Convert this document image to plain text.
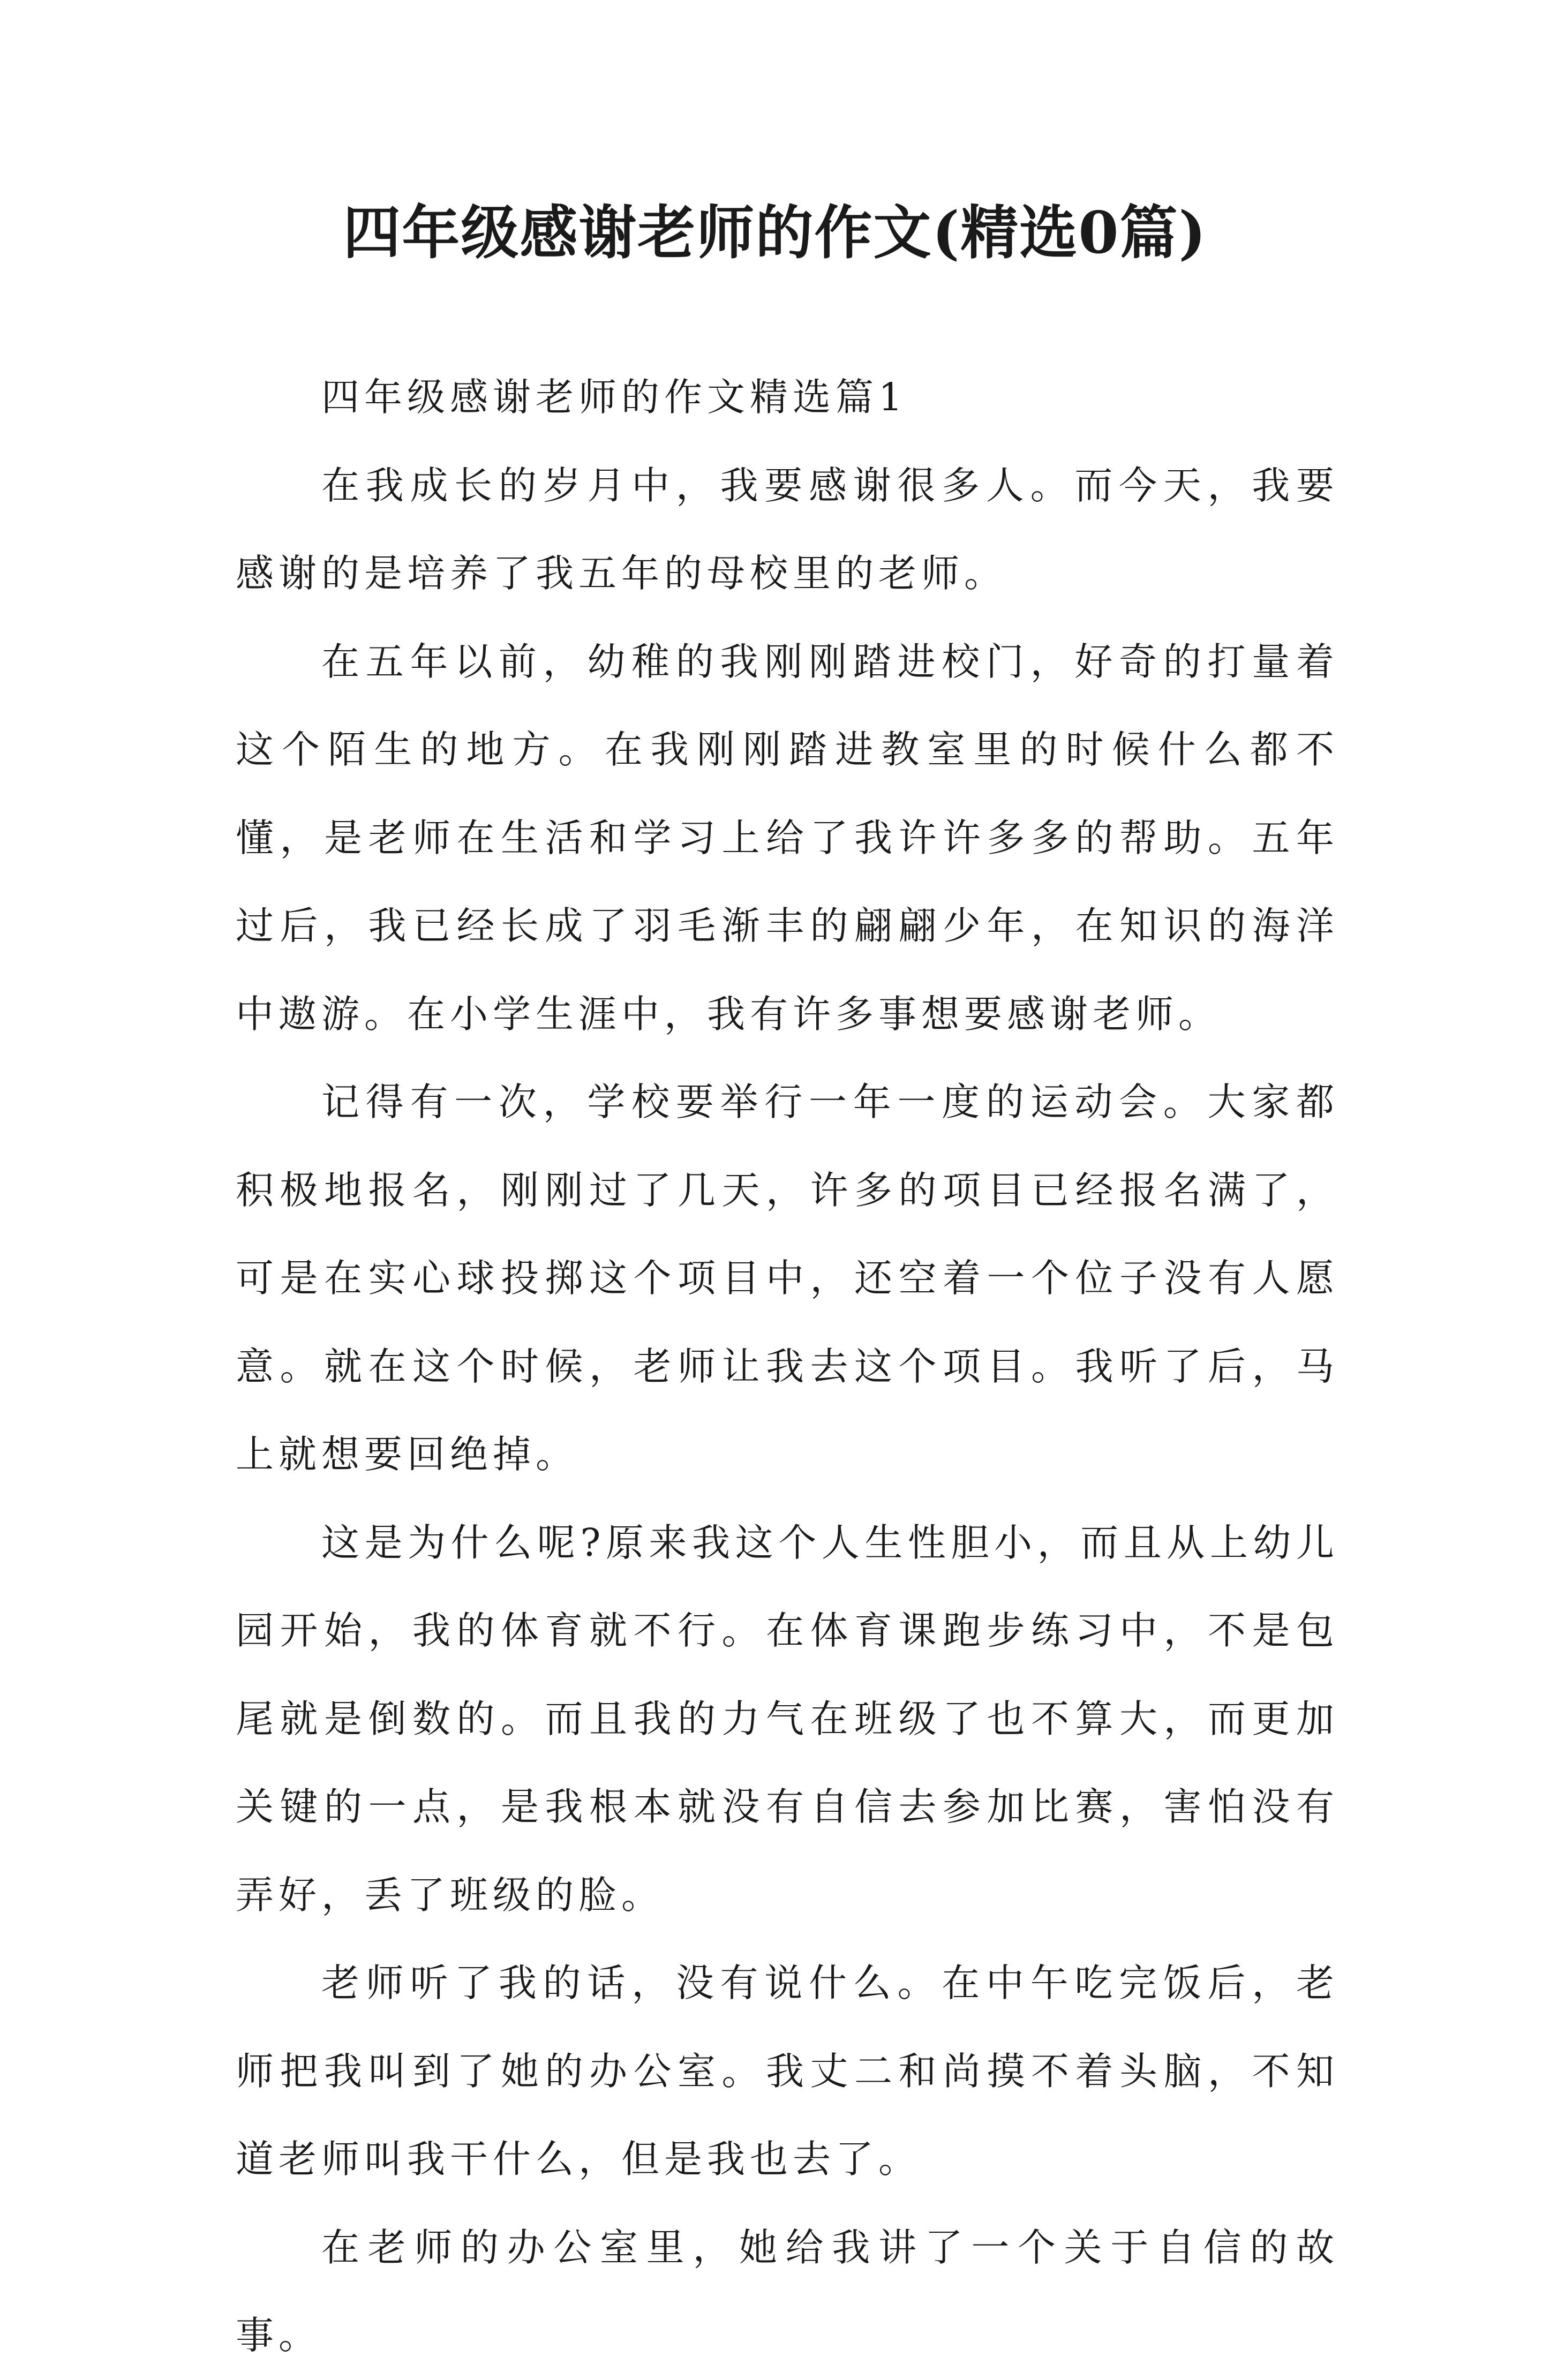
四年级感谢老师的作文(精选0篇)

四年级感谢老师的作文精选篇1

在我成长的岁月中，我要感谢很多人。而今天，我要感谢的是培养了我五年的母校里的老师。

在五年以前，幼稚的我刚刚踏进校门，好奇的打量着这个陌生的地方。在我刚刚踏进教室里的时候什么都不懂，是老师在生活和学习上给了我许许多多的帮助。五年过后，我已经长成了羽毛渐丰的翩翩少年，在知识的海洋中遨游。在小学生涯中，我有许多事想要感谢老师。

记得有一次，学校要举行一年一度的运动会。大家都积极地报名，刚刚过了几天，许多的项目已经报名满了，可是在实心球投掷这个项目中，还空着一个位子没有人愿意。就在这个时候，老师让我去这个项目。我听了后，马上就想要回绝掉。

这是为什么呢?原来我这个人生性胆小，而且从上幼儿园开始，我的体育就不行。在体育课跑步练习中，不是包尾就是倒数的。而且我的力气在班级了也不算大，而更加关键的一点，是我根本就没有自信去参加比赛，害怕没有弄好，丢了班级的脸。

老师听了我的话，没有说什么。在中午吃完饭后，老师把我叫到了她的办公室。我丈二和尚摸不着头脑，不知道老师叫我干什么，但是我也去了。

在老师的办公室里，她给我讲了一个关于自信的故事。
